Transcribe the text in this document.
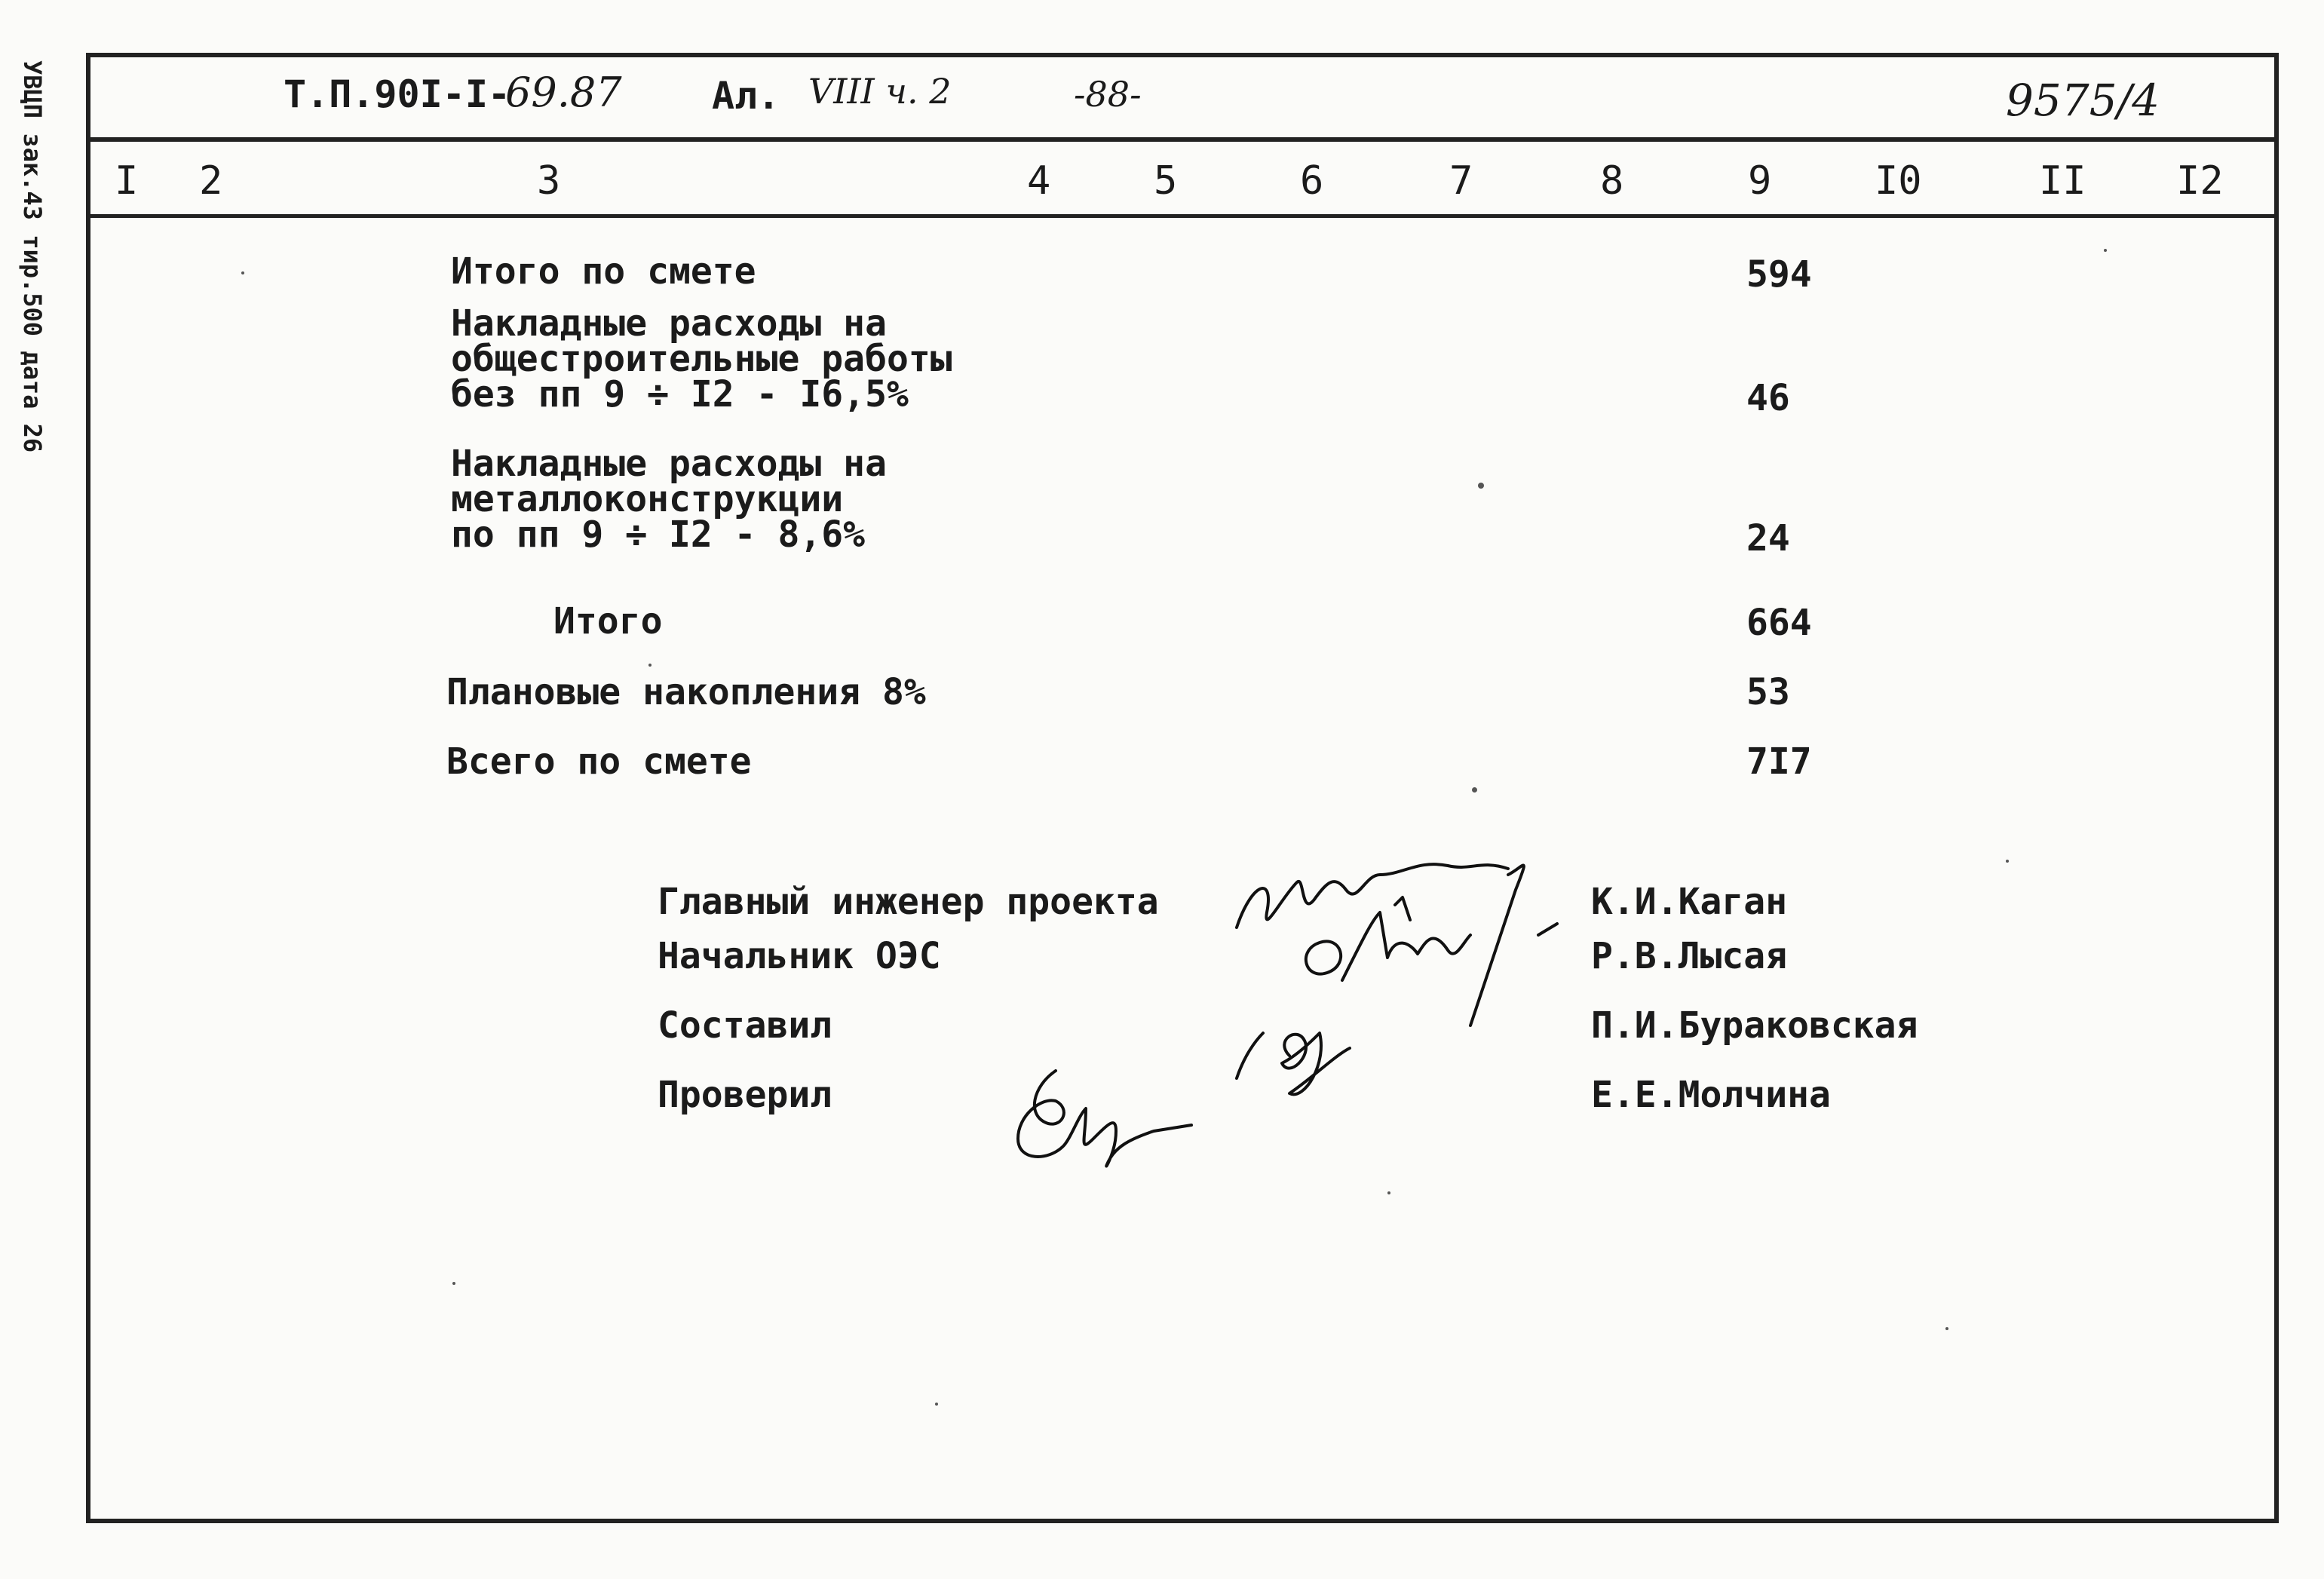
УВЦП зак.43 тир.500 дата 26	Т.П.90I-I-
69.87 Ал. VIII ч. 2	-88-	9575/4
I 2	3	4	5	6	7	8	9	I0	II I2
Итого по смете	594
Накладные расходы на
общестроительные работы
без пп 9 ÷ I2 - I6,5%	46
Накладные расходы на
металлоконструкции
по пп 9 ÷ I2 - 8,6%	24
Итого	664
Плановые накопления 8%	53
Всего по смете	7I7
Главный инженер проекта	К.И.Каган
Начальник ОЭС	Р.В.Лысая
Составил	П.И.Бураковская
Проверил	Е.Е.Молчина
